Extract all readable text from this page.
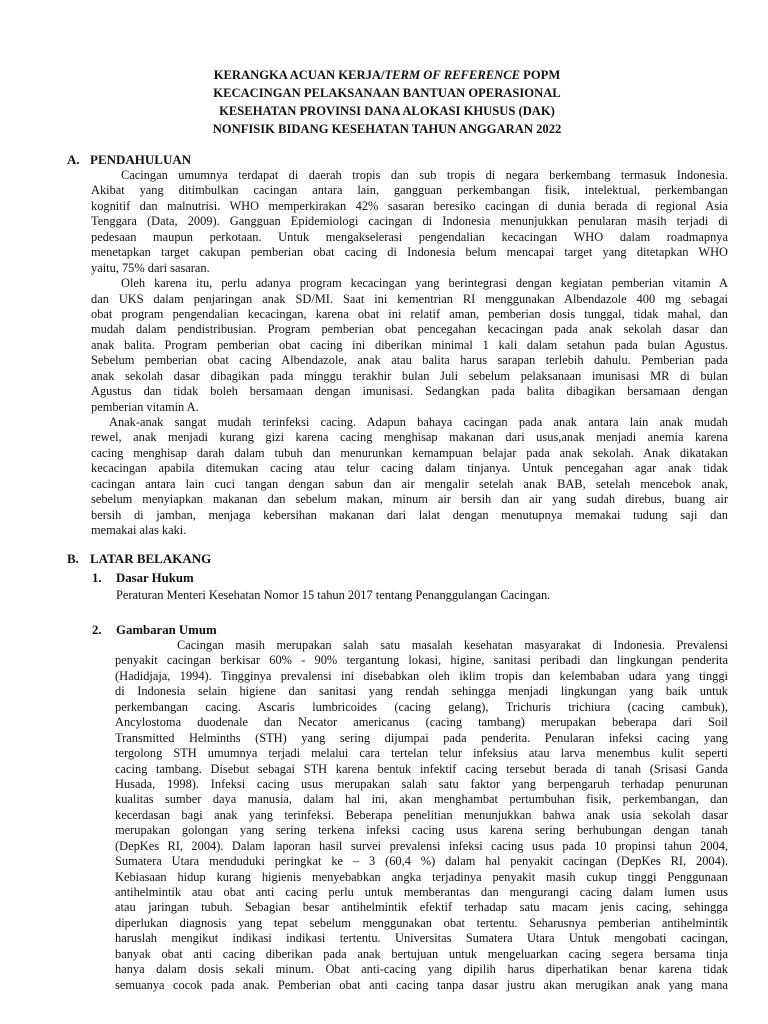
KERANGKA ACUAN KERJA/TERM OF REFERENCE POPM
KECACINGAN PELAKSANAAN BANTUAN OPERASIONAL
KESEHATAN PROVINSI DANA ALOKASI KHUSUS (DAK)
NONFISIK BIDANG KESEHATAN TAHUN ANGGARAN 2022
A. PENDAHULUAN
Cacingan umumnya terdapat di daerah tropis dan sub tropis di negara berkembang termasuk Indonesia.
Akibat yang ditimbulkan cacingan antara lain, gangguan perkembangan fisik, intelektual, perkembangan
kognitif dan malnutrisi. WHO memperkirakan 42% sasaran beresiko cacingan di dunia berada di regional Asia
Tenggara (Data, 2009). Gangguan Epidemiologi cacingan di Indonesia menunjukkan penularan masih terjadi di
pedesaan maupun perkotaan. Untuk mengakselerasi pengendalian kecacingan WHO dalam roadmapnya
menetapkan target cakupan pemberian obat cacing di Indonesia belum mencapai target yang ditetapkan WHO
yaitu, 75% dari sasaran.
Oleh karena itu, perlu adanya program kecacingan yang berintegrasi dengan kegiatan pemberian vitamin A
dan UKS dalam penjaringan anak SD/MI. Saat ini kementrian RI menggunakan Albendazole 400 mg sebagai
obat program pengendalian kecacingan, karena obat ini relatif aman, pemberian dosis tunggal, tidak mahal, dan
mudah dalam pendistribusian. Program pemberian obat pencegahan kecacingan pada anak sekolah dasar dan
anak balita. Program pemberian obat cacing ini diberikan minimal 1 kali dalam setahun pada bulan Agustus.
Sebelum pemberian obat cacing Albendazole, anak atau balita harus sarapan terlebih dahulu. Pemberian pada
anak sekolah dasar dibagikan pada minggu terakhir bulan Juli sebelum pelaksanaan imunisasi MR di bulan
Agustus dan tidak boleh bersamaan dengan imunisasi. Sedangkan pada balita dibagikan bersamaan dengan
pemberian vitamin A.
Anak-anak sangat mudah terinfeksi cacing. Adapun bahaya cacingan pada anak antara lain anak mudah
rewel, anak menjadi kurang gizi karena cacing menghisap makanan dari usus,anak menjadi anemia karena
cacing menghisap darah dalam tubuh dan menurunkan kemampuan belajar pada anak sekolah. Anak dikatakan
kecacingan apabila ditemukan cacing atau telur cacing dalam tinjanya. Untuk pencegahan agar anak tidak
cacingan antara lain cuci tangan dengan sabun dan air mengalir setelah anak BAB, setelah mencebok anak,
sebelum menyiapkan makanan dan sebelum makan, minum air bersih dan air yang sudah direbus, buang air
bersih di jamban, menjaga kebersihan makanan dari lalat dengan menutupnya memakai tudung saji dan
memakai alas kaki.
B. LATAR BELAKANG
1. Dasar Hukum
Peraturan Menteri Kesehatan Nomor 15 tahun 2017 tentang Penanggulangan Cacingan.
2. Gambaran Umum
Cacingan masih merupakan salah satu masalah kesehatan masyarakat di Indonesia. Prevalensi
penyakit cacingan berkisar 60% - 90% tergantung lokasi, higine, sanitasi peribadi dan lingkungan penderita
(Hadidjaja, 1994). Tingginya prevalensi ini disebabkan oleh iklim tropis dan kelembaban udara yang tinggi
di Indonesia selain higiene dan sanitasi yang rendah sehingga menjadi lingkungan yang baik untuk
perkembangan cacing. Ascaris lumbricoides (cacing gelang), Trichuris trichiura (cacing cambuk),
Ancylostoma duodenale dan Necator americanus (cacing tambang) merupakan beberapa dari Soil
Transmitted Helminths (STH) yang sering dijumpai pada penderita. Penularan infeksi cacing yang
tergolong STH umumnya terjadi melalui cara tertelan telur infeksius atau larva menembus kulit seperti
cacing tambang. Disebut sebagai STH karena bentuk infektif cacing tersebut berada di tanah (Srisasi Ganda
Husada, 1998). Infeksi cacing usus merupakan salah satu faktor yang berpengaruh terhadap penurunan
kualitas sumber daya manusia, dalam hal ini, akan menghambat pertumbuhan fisik, perkembangan, dan
kecerdasan bagi anak yang terinfeksi. Beberapa penelitian menunjukkan bahwa anak usia sekolah dasar
merupakan golongan yang sering terkena infeksi cacing usus karena sering berhubungan dengan tanah
(DepKes RI, 2004). Dalam laporan hasil survei prevalensi infeksi cacing usus pada 10 propinsi tahun 2004,
Sumatera Utara menduduki peringkat ke – 3 (60,4 %) dalam hal penyakit cacingan (DepKes RI, 2004).
Kebiasaan hidup kurang higienis menyebabkan angka terjadinya penyakit masih cukup tinggi Penggunaan
antihelmintik atau obat anti cacing perlu untuk memberantas dan mengurangi cacing dalam lumen usus
atau jaringan tubuh. Sebagian besar antihelmintik efektif terhadap satu macam jenis cacing, sehingga
diperlukan diagnosis yang tepat sebelum menggunakan obat tertentu. Seharusnya pemberian antihelmintik
haruslah mengikut indikasi indikasi tertentu. Universitas Sumatera Utara Untuk mengobati cacingan,
banyak obat anti cacing diberikan pada anak bertujuan untuk mengeluarkan cacing segera bersama tinja
hanya dalam dosis sekali minum. Obat anti-cacing yang dipilih harus diperhatikan benar karena tidak
semuanya cocok pada anak. Pemberian obat anti cacing tanpa dasar justru akan merugikan anak yang mana
